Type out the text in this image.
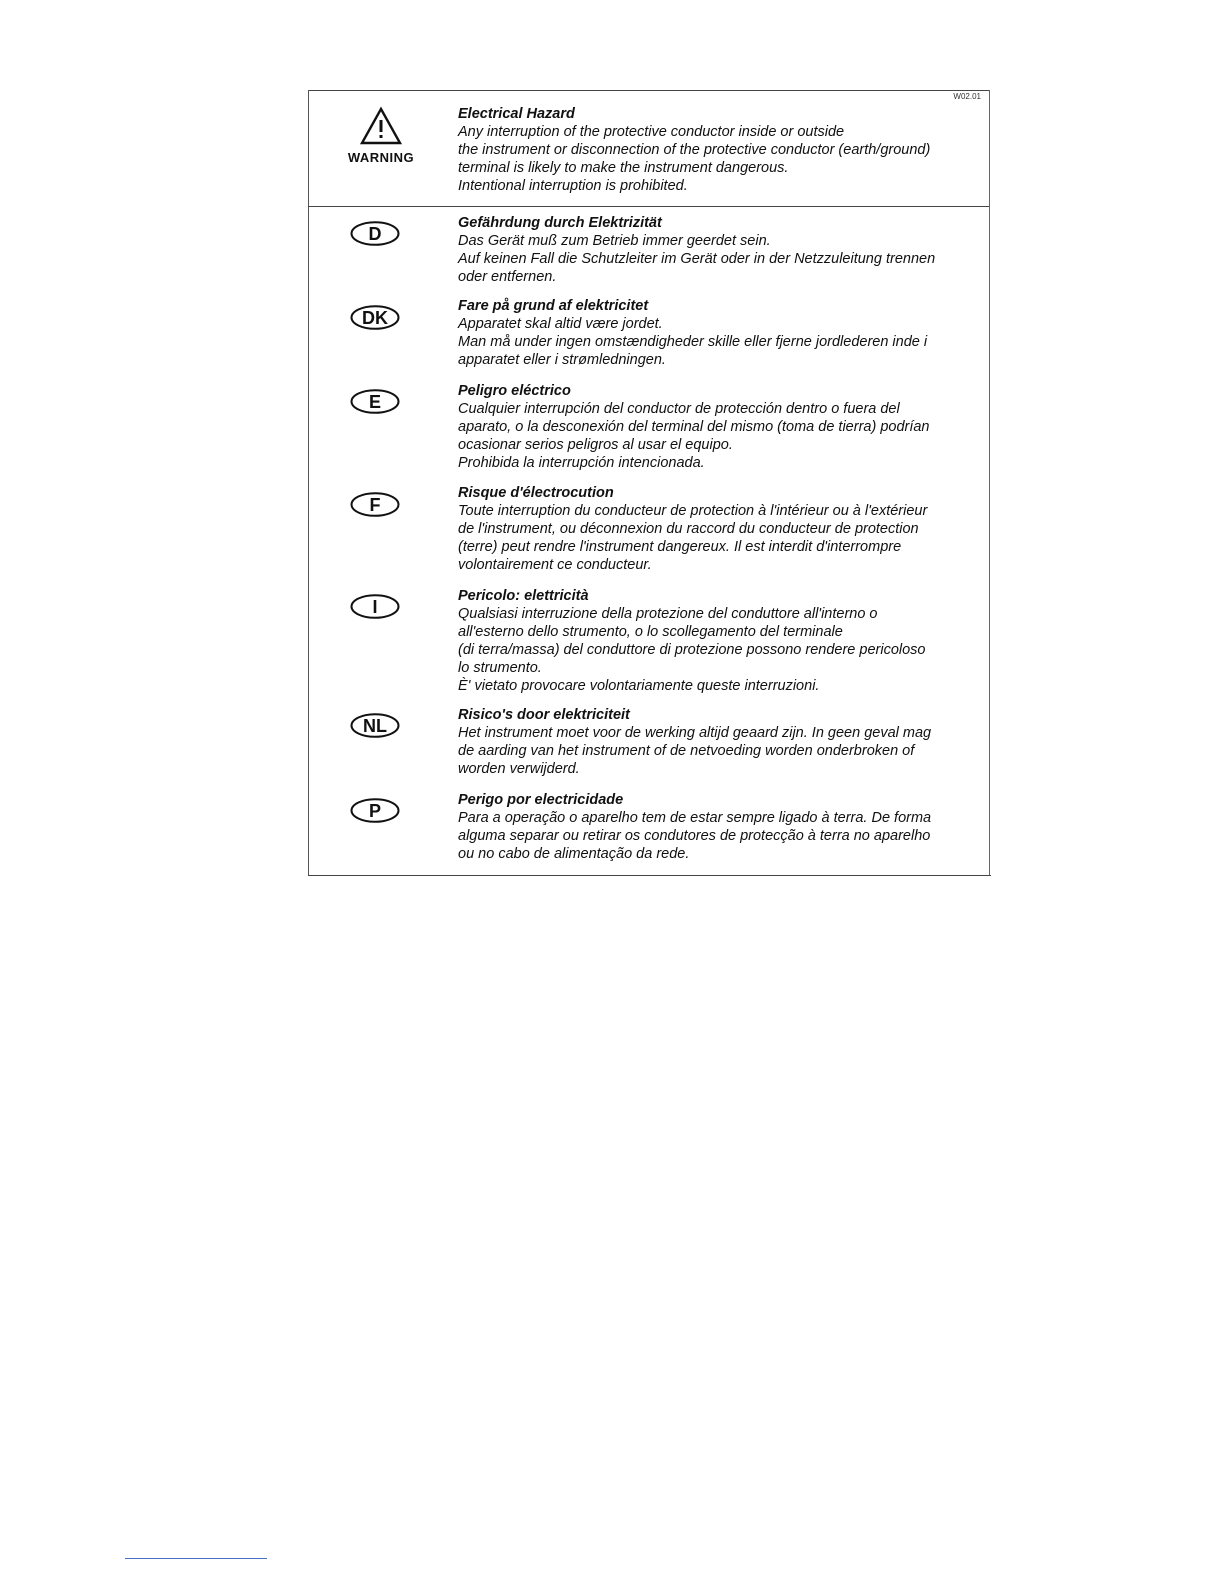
W02.01
WARNING
Electrical Hazard
Any interruption of the protective conductor inside or outside
the instrument or disconnection of the protective conductor (earth/ground)
terminal is likely to make the instrument dangerous.
Intentional interruption is prohibited.
D
Gefährdung durch Elektrizität
Das Gerät muß zum Betrieb immer geerdet sein.
Auf keinen Fall die Schutzleiter im Gerät oder in der Netzzuleitung trennen
oder entfernen.
DK
Fare på grund af elektricitet
Apparatet skal altid være jordet.
Man må under ingen omstændigheder skille eller fjerne jordlederen inde i
apparatet eller i strømledningen.
E
Peligro eléctrico
Cualquier interrupción del conductor de protección dentro o fuera del
aparato, o la desconexión del terminal del mismo (toma de tierra) podrían
ocasionar serios peligros al usar el equipo.
Prohibida la interrupción intencionada.
F
Risque d'électrocution
Toute interruption du conducteur de protection à l'intérieur ou à l'extérieur
de l'instrument, ou déconnexion du raccord du conducteur de protection
(terre) peut rendre l'instrument dangereux. Il est interdit d'interrompre
volontairement ce conducteur.
I
Pericolo: elettricità
Qualsiasi interruzione della protezione del conduttore all'interno o
all'esterno dello strumento, o lo scollegamento del terminale
(di terra/massa) del conduttore di protezione possono rendere pericoloso
lo strumento.
È' vietato provocare volontariamente queste interruzioni.
NL
Risico's door elektriciteit
Het instrument moet voor de werking altijd geaard zijn. In geen geval mag
de aarding van het instrument of de netvoeding worden onderbroken of
worden verwijderd.
P
Perigo por electricidade
Para a operação o aparelho tem de estar sempre ligado à terra. De forma
alguma separar ou retirar os condutores de protecção à terra no aparelho
ou no cabo de alimentação da rede.
